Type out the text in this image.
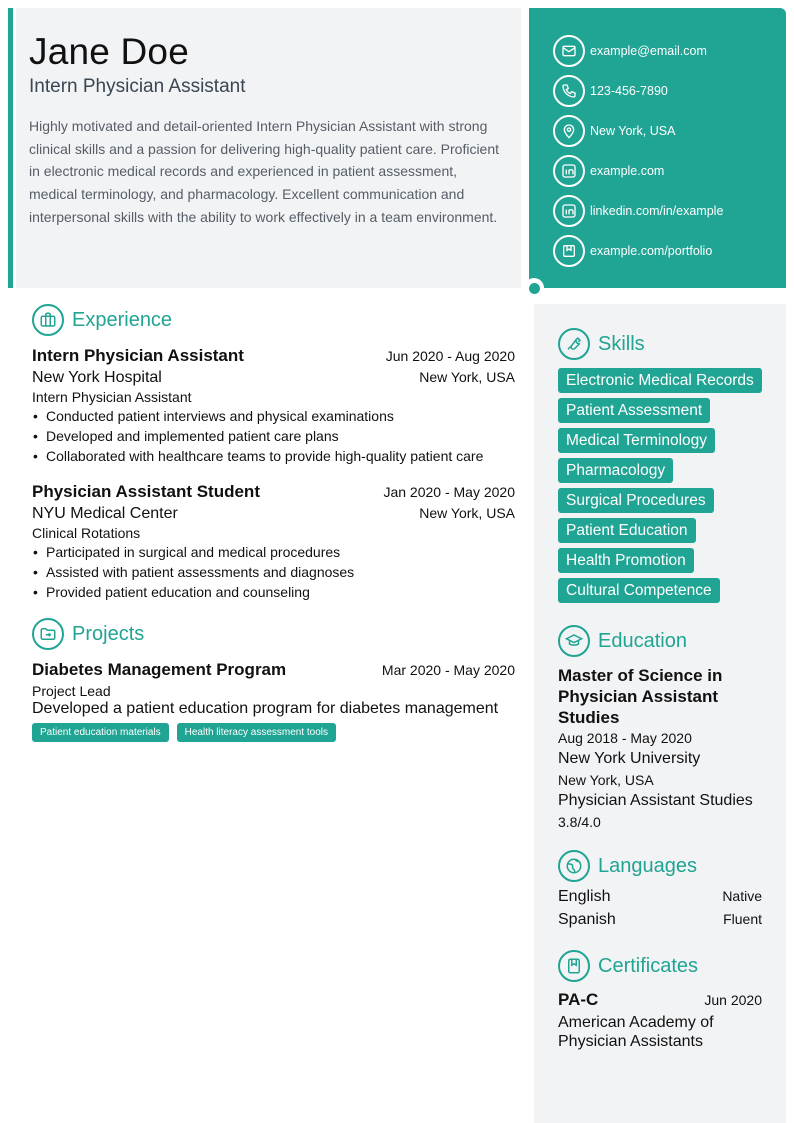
Jane Doe
Intern Physician Assistant

Highly motivated and detail-oriented Intern Physician Assistant with strong clinical skills and a passion for delivering high-quality patient care. Proficient in electronic medical records and experienced in patient assessment, medical terminology, and pharmacology. Excellent communication and interpersonal skills with the ability to work effectively in a team environment.

example@email.com
123-456-7890
New York, USA
example.com
linkedin.com/in/example
example.com/portfolio
Experience
Intern Physician Assistant	Jun 2020 - Aug 2020
New York Hospital	New York, USA
Intern Physician Assistant
• Conducted patient interviews and physical examinations
• Developed and implemented patient care plans
• Collaborated with healthcare teams to provide high-quality patient care
Physician Assistant Student	Jan 2020 - May 2020
NYU Medical Center	New York, USA
Clinical Rotations
• Participated in surgical and medical procedures
• Assisted with patient assessments and diagnoses
• Provided patient education and counseling
Projects
Diabetes Management Program	Mar 2020 - May 2020
Project Lead
Developed a patient education program for diabetes management
Patient education materials	Health literacy assessment tools
Skills
Electronic Medical Records
Patient Assessment
Medical Terminology
Pharmacology
Surgical Procedures
Patient Education
Health Promotion
Cultural Competence
Education
Master of Science in Physician Assistant Studies
Aug 2018 - May 2020
New York University
New York, USA
Physician Assistant Studies
3.8/4.0
Languages
English	Native
Spanish	Fluent
Certificates
PA-C	Jun 2020
American Academy of Physician Assistants
